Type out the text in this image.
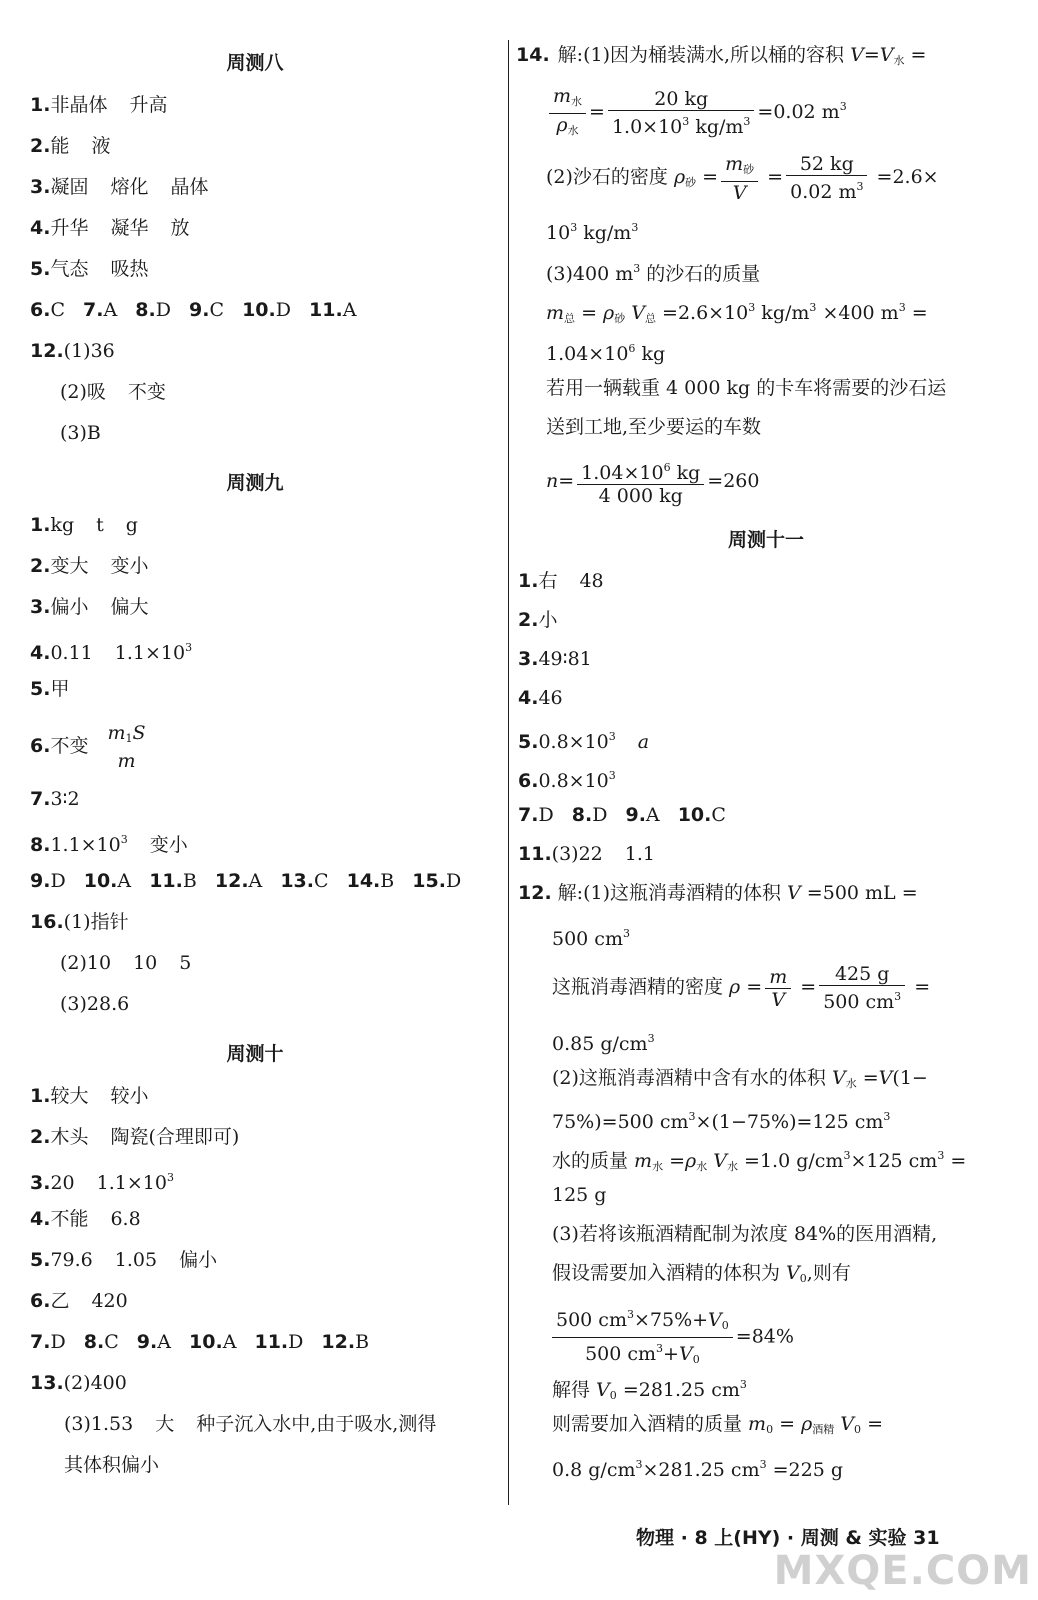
周测八
1.非晶体 升高
2.能 液
3.凝固 熔化 晶体
4.升华 凝华 放
5.气态 吸热
6.C 7.A 8.D 9.C 10.D 11.A
12.(1)36
(2)吸 不变
(3)B
周测九
1.kg t g
2.变大 变小
3.偏小 偏大
4.0.11 $1.1\times 10^3$
5.甲
6.不变
$m_1S$
m
7.3∶2
$8.1.1\times 10^3$ 变小
9.D 10.A 11.B 12.A 13.C 14.B 15.D
16.(1)指针
(2)10 10 5
(3)28.6
周测十
1.较大 较小
2.木头 陶瓷(合理即可)
3.20 $1.1\times 10^3$
4.不能 6.8
5.79.6 1.05 偏小
6.乙 420
7.D 8.C 9.A 10.A 11.D 12.B
13.(2)400
(3)1.53 大 种子沉入水中,由于吸水,测得
其体积偏小
14. 解:(1)因为桶装满水,所以桶的容积 $V=V_水$ =
$\frac{m_水}{\rho_水} = \frac{20 kg}{1.0\times 10^3 kg/m^3} =0.02$ $m^3$
(2)沙石的密度 $\rho_砂 = \frac{m_砂}{V} = \frac{52 kg}{0.02 m^3} =2.6\times$
$10^3$ $kg/m^3$
(3)400 $m^3$ 的沙石的质量
$m_总 = \rho_砂$ $V_总 =2.6\times 10^3$ $kg/m^3 \times 400$ $m^3$ =
$1.04\times 10^6$ kg
若用一辆载重 4 000 kg 的卡车将需要的沙石运
送到工地,至少要运的车数
$n= \frac{1.04\times 10^6 kg}{4 000 kg} =260$
周测十一
1.右 48
2.小
3.49∶81
4.46
$5.0.8\times 10^3$ a
$6.0.8\times 10^3$
7.D 8.D 9.A 10.C
11.(3)22 1.1
12. 解:(1)这瓶消毒酒精的体积 V =500 mL =
500 $cm^3$
这瓶消毒酒精的密度 $\rho = \frac{m}{V} = \frac{425 g}{500 cm^3}$ =
0.85 $g/cm^3$
(2)这瓶消毒酒精中含有水的体积 $V_水 =V(1-$
75%)=500 $cm^3\times(1-75\%)=125$ $cm^3$
水的质量 $m_水 =\rho_水$ $V_水 =1.0$ $g/cm^3\times 125$ $cm^3$ =
125 g
(3)若将该瓶酒精配制为浓度 84%的医用酒精,
假设需要加入酒精的体积为 $V_0$,则有
$\frac{500 cm^3\times 75\%+V_0}{500 cm^3+V_0} =84\%$
解得 $V_0 =281.25$ $cm^3$
则需要加入酒精的质量 $m_0 = \rho_{酒精}$ $V_0$ =
0.8 $g/cm^3\times 281.25$ $cm^3 =225$ g
物理 · 8 上(HY) · 周测 & 实验 31
MXQE.COM
